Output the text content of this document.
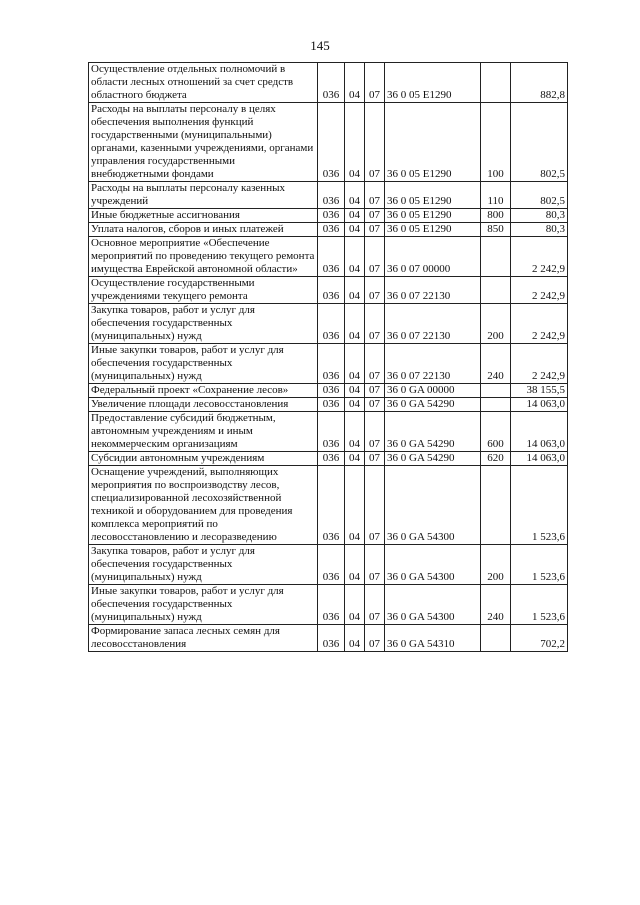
145
Осуществление отдельных полномочий в области лесных отношений за счет средств областного бюджета	036	04	07	36 0 05 E1290		882,8
Расходы на выплаты персоналу в целях обеспечения выполнения функций государственными (муниципальными) органами, казенными учреждениями, органами управления государственными внебюджетными фондами	036	04	07	36 0 05 E1290	100	802,5
Расходы на выплаты персоналу казенных учреждений	036	04	07	36 0 05 E1290	110	802,5
Иные бюджетные ассигнования	036	04	07	36 0 05 E1290	800	80,3
Уплата налогов, сборов и иных платежей	036	04	07	36 0 05 E1290	850	80,3
Основное мероприятие «Обеспечение мероприятий по проведению текущего ремонта имущества Еврейской автономной области»	036	04	07	36 0 07 00000		2 242,9
Осуществление государственными учреждениями текущего ремонта	036	04	07	36 0 07 22130		2 242,9
Закупка товаров, работ и услуг для обеспечения государственных (муниципальных) нужд	036	04	07	36 0 07 22130	200	2 242,9
Иные закупки товаров, работ и услуг для обеспечения государственных (муниципальных) нужд	036	04	07	36 0 07 22130	240	2 242,9
Федеральный проект «Сохранение лесов»	036	04	07	36 0 GA 00000		38 155,5
Увеличение площади лесовосстановления	036	04	07	36 0 GA 54290		14 063,0
Предоставление субсидий бюджетным, автономным учреждениям и иным некоммерческим организациям	036	04	07	36 0 GA 54290	600	14 063,0
Субсидии автономным учреждениям	036	04	07	36 0 GA 54290	620	14 063,0
Оснащение учреждений, выполняющих мероприятия по воспроизводству лесов, специализированной лесохозяйственной техникой и оборудованием для проведения комплекса мероприятий по лесовосстановлению и лесоразведению	036	04	07	36 0 GA 54300		1 523,6
Закупка товаров, работ и услуг для обеспечения государственных (муниципальных) нужд	036	04	07	36 0 GA 54300	200	1 523,6
Иные закупки товаров, работ и услуг для обеспечения государственных (муниципальных) нужд	036	04	07	36 0 GA 54300	240	1 523,6
Формирование запаса лесных семян для лесовосстановления	036	04	07	36 0 GA 54310		702,2
